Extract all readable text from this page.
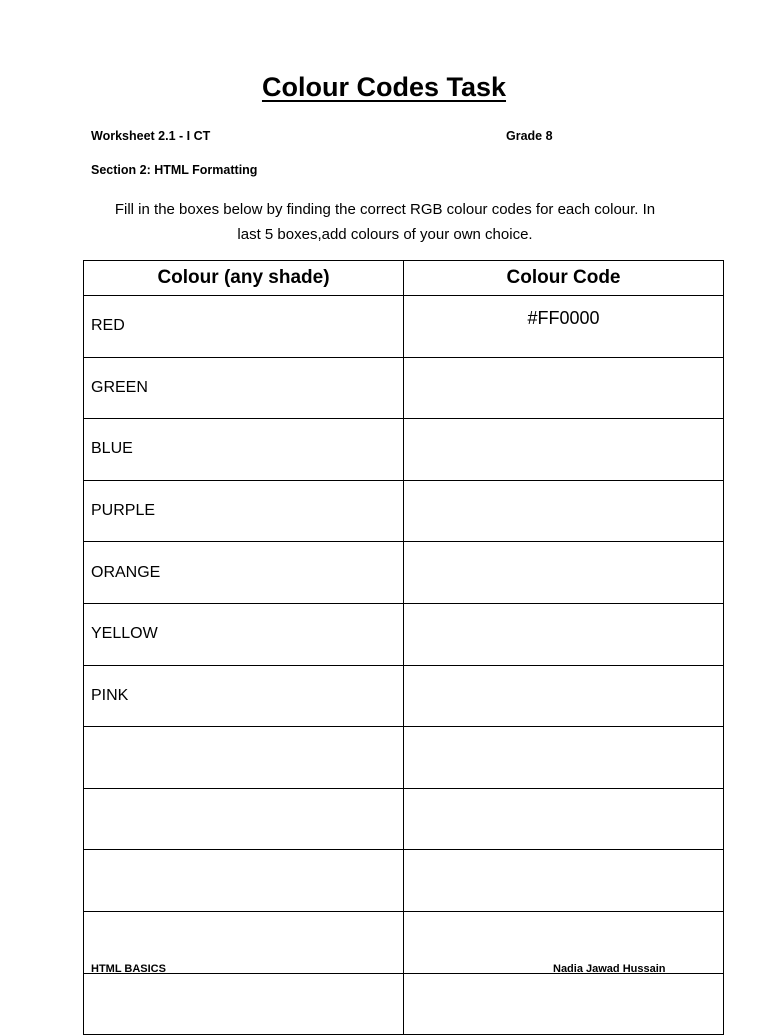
Colour Codes Task
Worksheet 2.1 - I CT	Grade 8
Section 2: HTML Formatting
Fill in the boxes below by finding the correct RGB colour codes for each colour. In
last 5 boxes,add colours of your own choice.
Colour (any shade)	Colour Code
RED	#FF0000
GREEN	
BLUE	
PURPLE	
ORANGE	
YELLOW	
PINK	

HTML BASICS	Nadia Jawad Hussain
